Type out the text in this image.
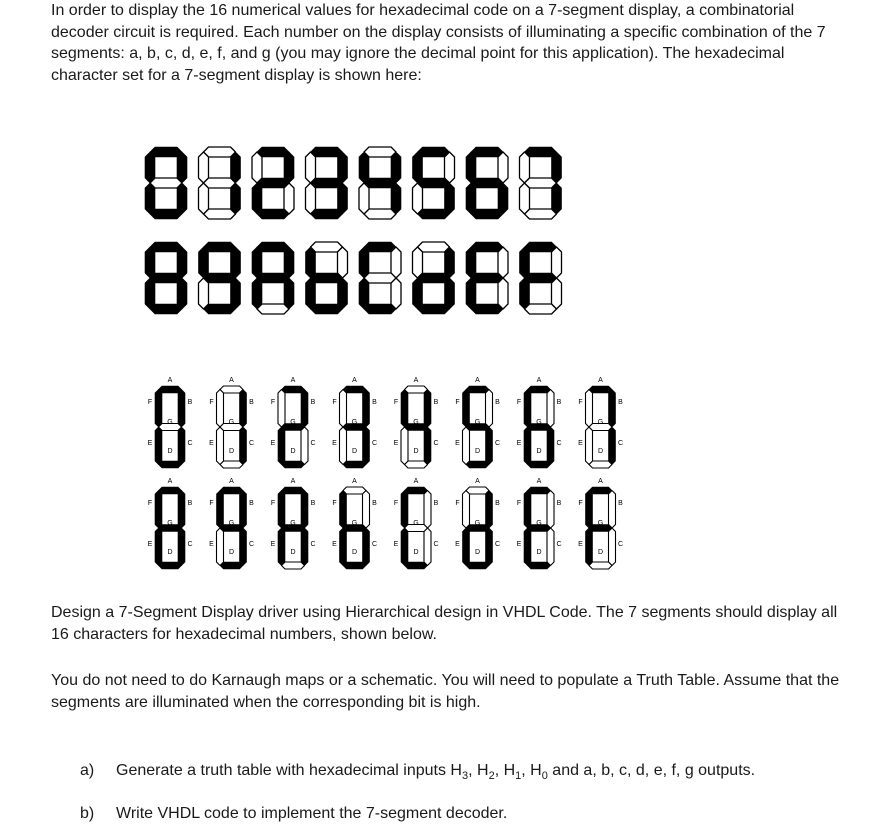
In order to display the 16 numerical values for hexadecimal code on a 7-segment display, a combinatorial decoder circuit is required. Each number on the display consists of illuminating a specific combination of the 7 segments: a, b, c, d, e, f, and g (you may ignore the decimal point for this application). The hexadecimal character set for a 7-segment display is shown here:

A
B
C
D
E
F
G
A
B
C
D
E
F
G
A
B
C
D
E
F
G
A
B
C
D
E
F
G
A
B
C
D
E
F
G
A
B
C
D
E
F
G
A
B
C
D
E
F
G
A
B
C
D
E
F
G
A
B
C
D
E
F
G
A
B
C
D
E
F
G
A
B
C
D
E
F
G
A
B
C
D
E
F
G
A
B
C
D
E
F
G
A
B
C
D
E
F
G
A
B
C
D
E
F
G
A
B
C
D
E
F
G

Design a 7-Segment Display driver using Hierarchical design in VHDL Code. The 7 segments should display all 16 characters for hexadecimal numbers, shown below.

You do not need to do Karnaugh maps or a schematic. You will need to populate a Truth Table. Assume that the segments are illuminated when the corresponding bit is high.

a) Generate a truth table with hexadecimal inputs $H_3$, $H_2$, $H_1$, $H_0$ and a, b, c, d, e, f, g outputs.
b) Write VHDL code to implement the 7-segment decoder.
